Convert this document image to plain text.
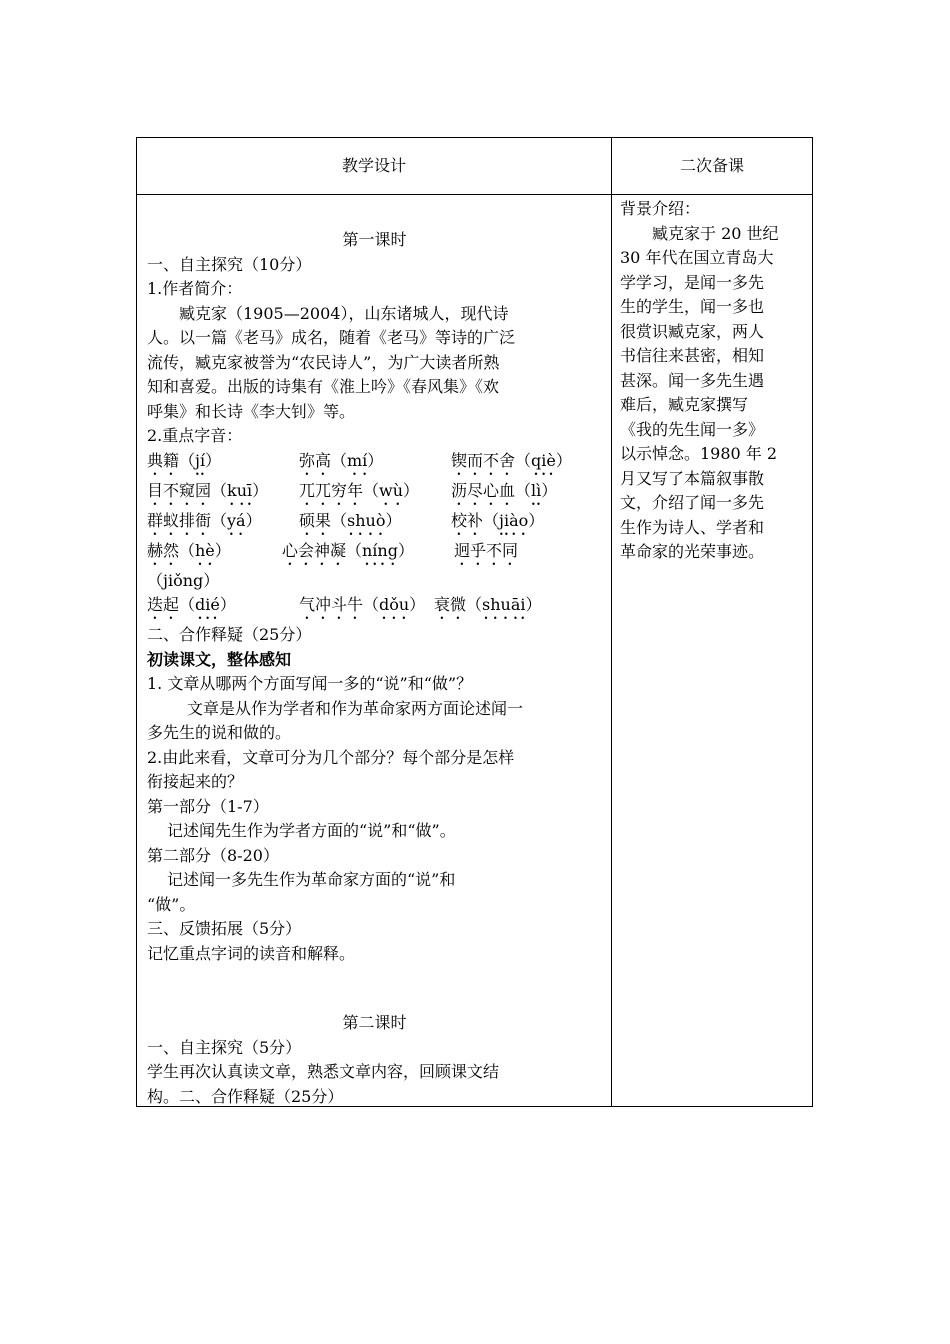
教学设计	二次备课
第一课时
一、自主探究（10分）
1.作者简介：
臧克家（1905—2004），山东诸城人，现代诗
人。以一篇《老马》成名，随着《老马》等诗的广泛
流传，臧克家被誉为“农民诗人”，为广大读者所熟
知和喜爱。出版的诗集有《淮上吟》《春风集》《欢
呼集》和长诗《李大钊》等。
2.重点字音：
典籍（jí）	弥高（mí）	锲而不舍（qiè）
目不窥园（kuī）	兀兀穷年（wù）	沥尽心血（lì）
群蚁排衙（yá）	硕果（shuò）	校补（jiào）
赫然（hè）	心会神凝（níng）	迥乎不同
（jiǒng）
迭起（dié）	气冲斗牛（dǒu） 衰微（shuāi）
二、合作释疑（25分）
初读课文，整体感知
1. 文章从哪两个方面写闻一多的“说”和“做”？
文章是从作为学者和作为革命家两方面论述闻一
多先生的说和做的。
2.由此来看，文章可分为几个部分？每个部分是怎样
衔接起来的？
第一部分（1-7）
记述闻先生作为学者方面的“说”和“做”。
第二部分（8-20）
记述闻一多先生作为革命家方面的“说”和
“做”。
三、反馈拓展（5分）
记忆重点字词的读音和解释。
第二课时
一、自主探究（5分）
学生再次认真读文章，熟悉文章内容，回顾课文结
构。二、合作释疑（25分）
背景介绍：
臧克家于 20 世纪
30 年代在国立青岛大
学学习，是闻一多先
生的学生，闻一多也
很赏识臧克家，两人
书信往来甚密，相知
甚深。闻一多先生遇
难后，臧克家撰写
《我的先生闻一多》
以示悼念。1980 年 2
月又写了本篇叙事散
文，介绍了闻一多先
生作为诗人、学者和
革命家的光荣事迹。
